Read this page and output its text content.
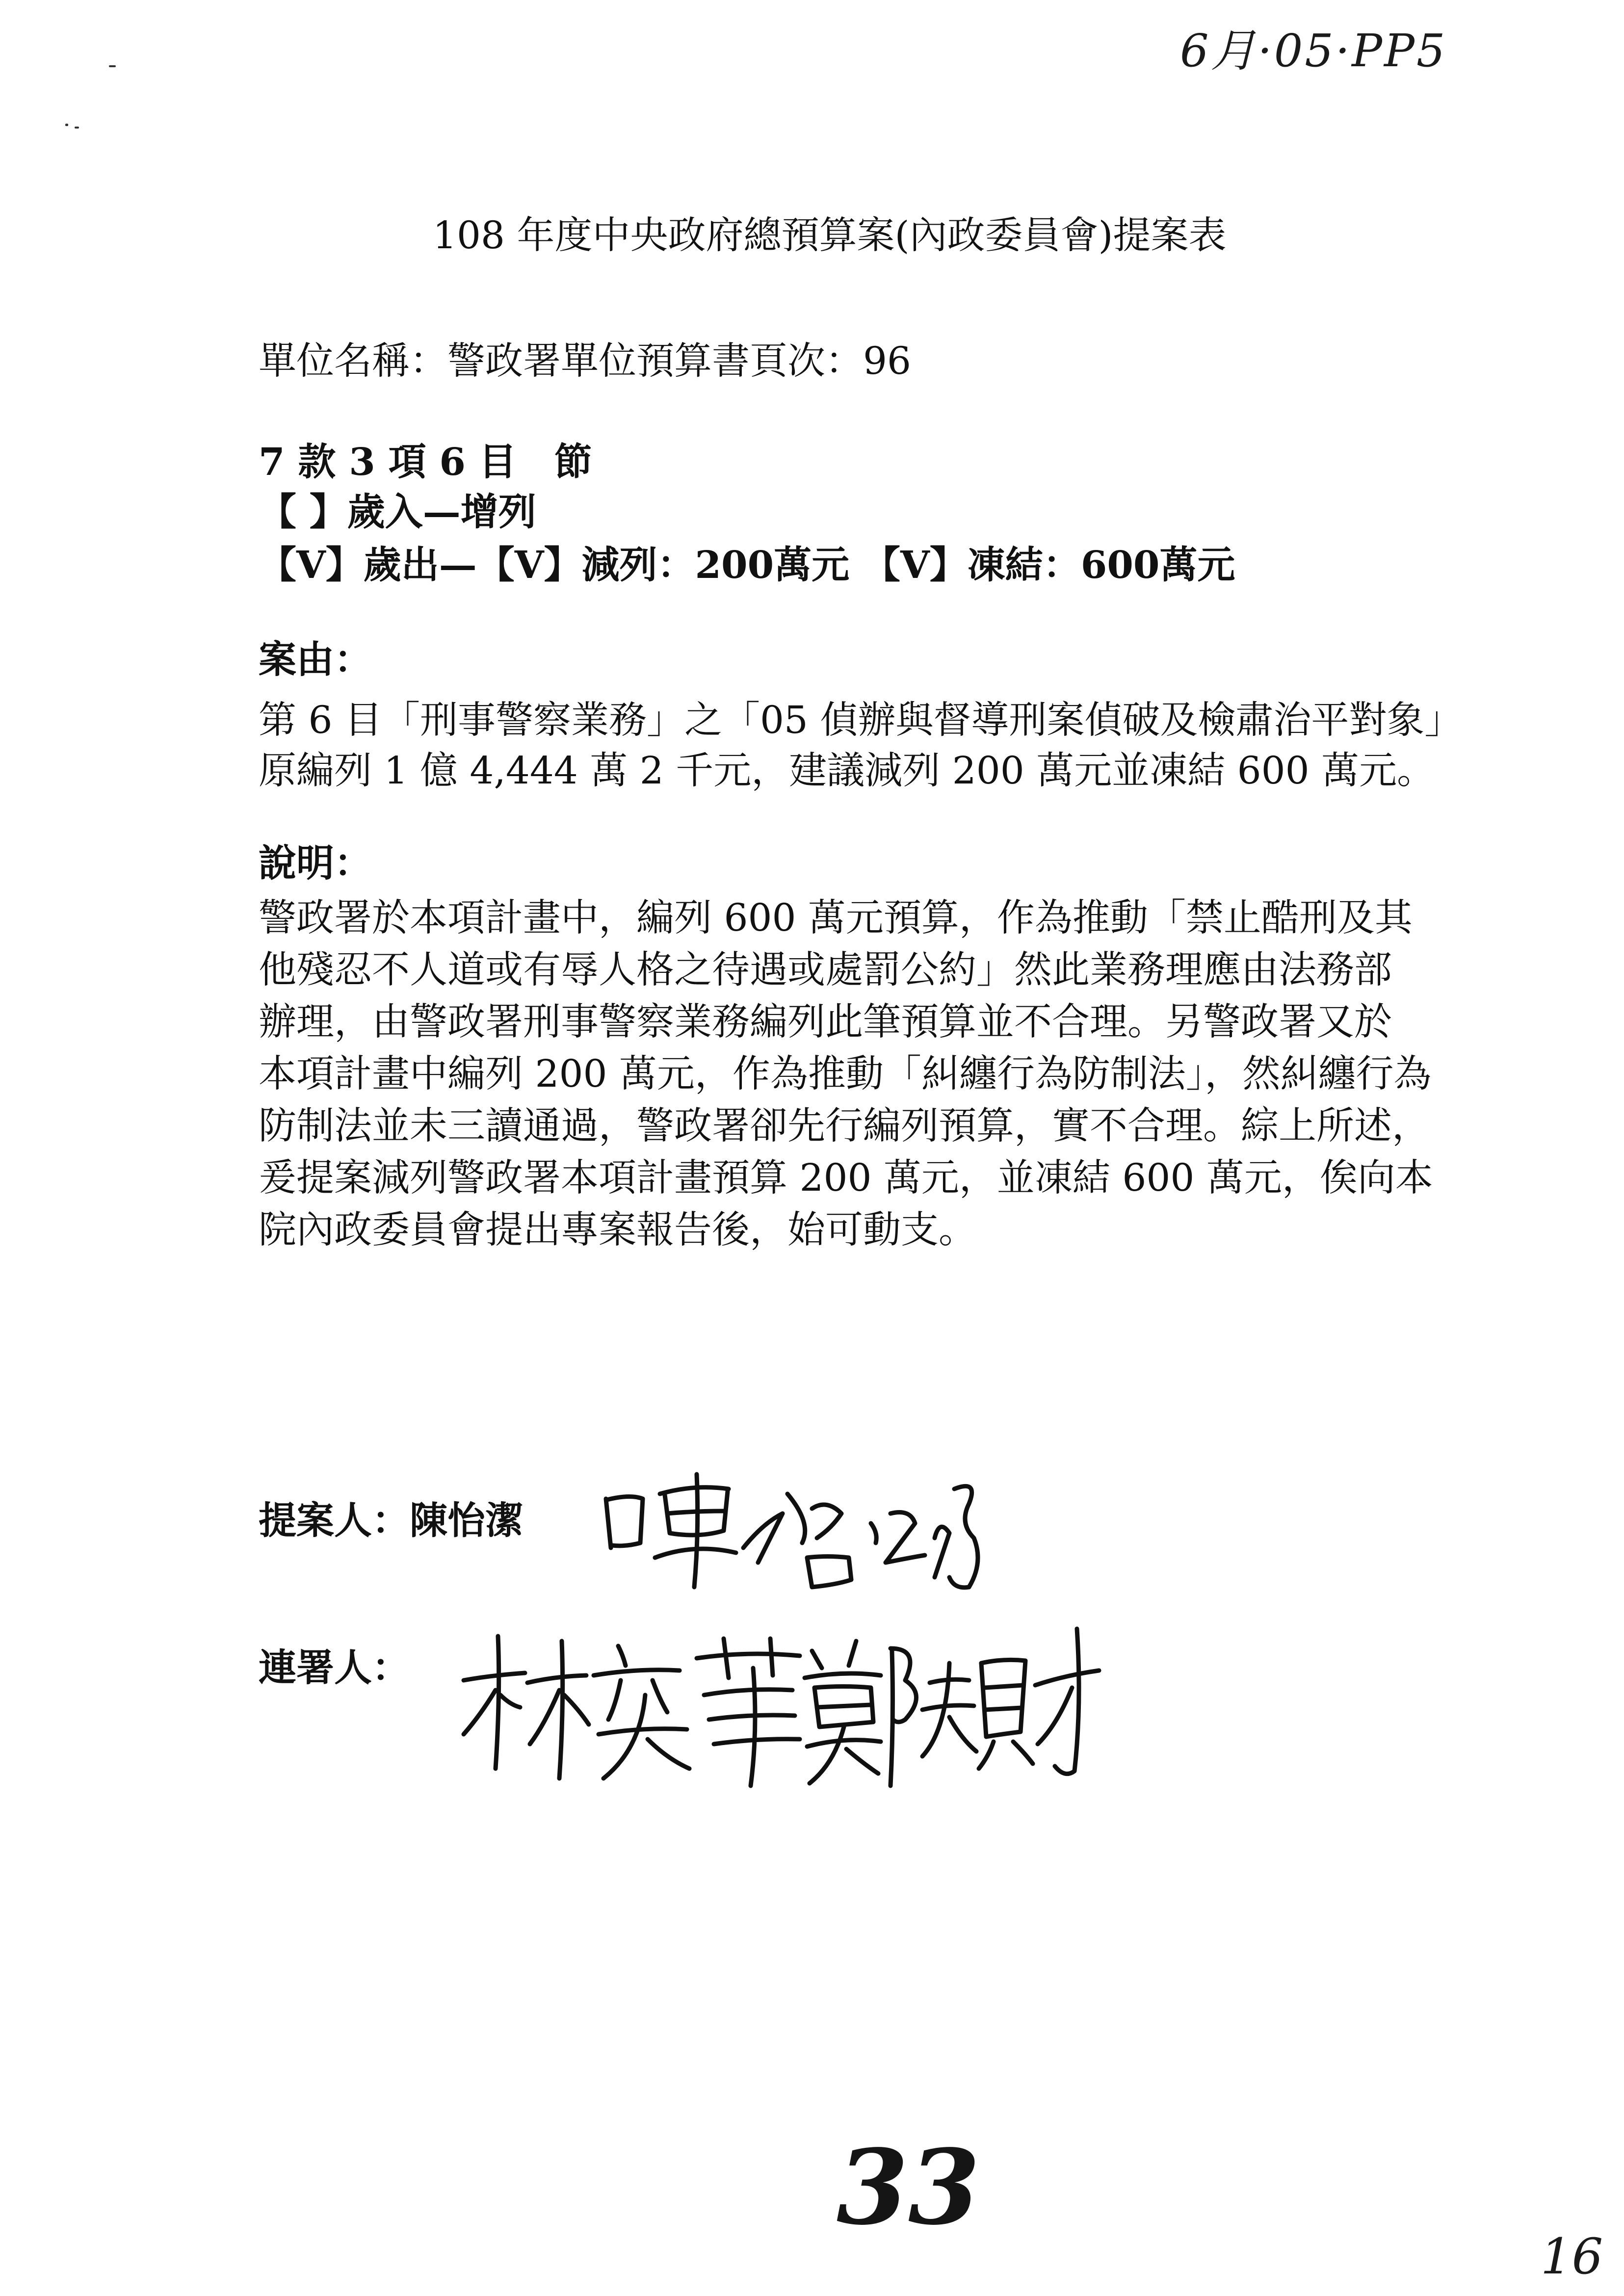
6月·05·PP5
108 年度中央政府總預算案(內政委員會)提案表
單位名稱：警政署單位預算書頁次：96
7 款 3 項 6 目　節
【 】歲入—增列
【V】歲出—【V】減列：200萬元 【V】凍結：600萬元
案由：
第 6 目「刑事警察業務」之「05 偵辦與督導刑案偵破及檢肅治平對象」
原編列 1 億 4,444 萬 2 千元，建議減列 200 萬元並凍結 600 萬元。
說明：
警政署於本項計畫中，編列 600 萬元預算，作為推動「禁止酷刑及其
他殘忍不人道或有辱人格之待遇或處罰公約」然此業務理應由法務部
辦理，由警政署刑事警察業務編列此筆預算並不合理。另警政署又於
本項計畫中編列 200 萬元，作為推動「糾纏行為防制法」，然糾纏行為
防制法並未三讀通過，警政署卻先行編列預算，實不合理。綜上所述，
爰提案減列警政署本項計畫預算 200 萬元，並凍結 600 萬元，俟向本
院內政委員會提出專案報告後，始可動支。
提案人：陳怡潔
連署人：
33
16
